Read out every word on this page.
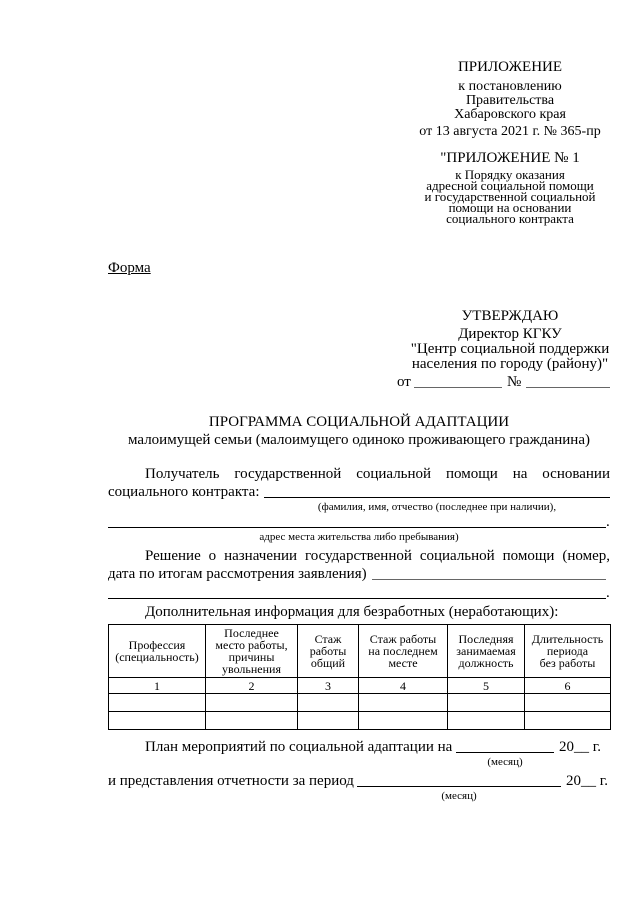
ПРИЛОЖЕНИЕ
к постановлению
Правительства
Хабаровского края
от 13 августа 2021 г. № 365-пр
"ПРИЛОЖЕНИЕ № 1
к Порядку оказания
адресной социальной помощи
и государственной социальной
помощи на основании
социального контракта
Форма
УТВЕРЖДАЮ
Директор КГКУ
"Центр социальной поддержки
населения по городу (району)"
от	№
ПРОГРАММА СОЦИАЛЬНОЙ АДАПТАЦИИ
малоимущей семьи (малоимущего одиноко проживающего гражданина)
Получатель государственной социальной помощи на основании
социального контракта:
(фамилия, имя, отчество (последнее при наличии),
.
адрес места жительства либо пребывания)
Решение о назначении государственной социальной помощи (номер,
дата по итогам рассмотрения заявления)
.
Дополнительная информация для безработных (неработающих):
Профессия
(специальность)	Последнее
место работы,
причины
увольнения	Стаж
работы
общий	Стаж работы
на последнем
месте	Последняя
занимаемая
должность	Длительность
периода
без работы
1	2	3	4	5	6

План мероприятий по социальной адаптации на	20__ г.
(месяц)
и представления отчетности за период	20__ г.
(месяц)
